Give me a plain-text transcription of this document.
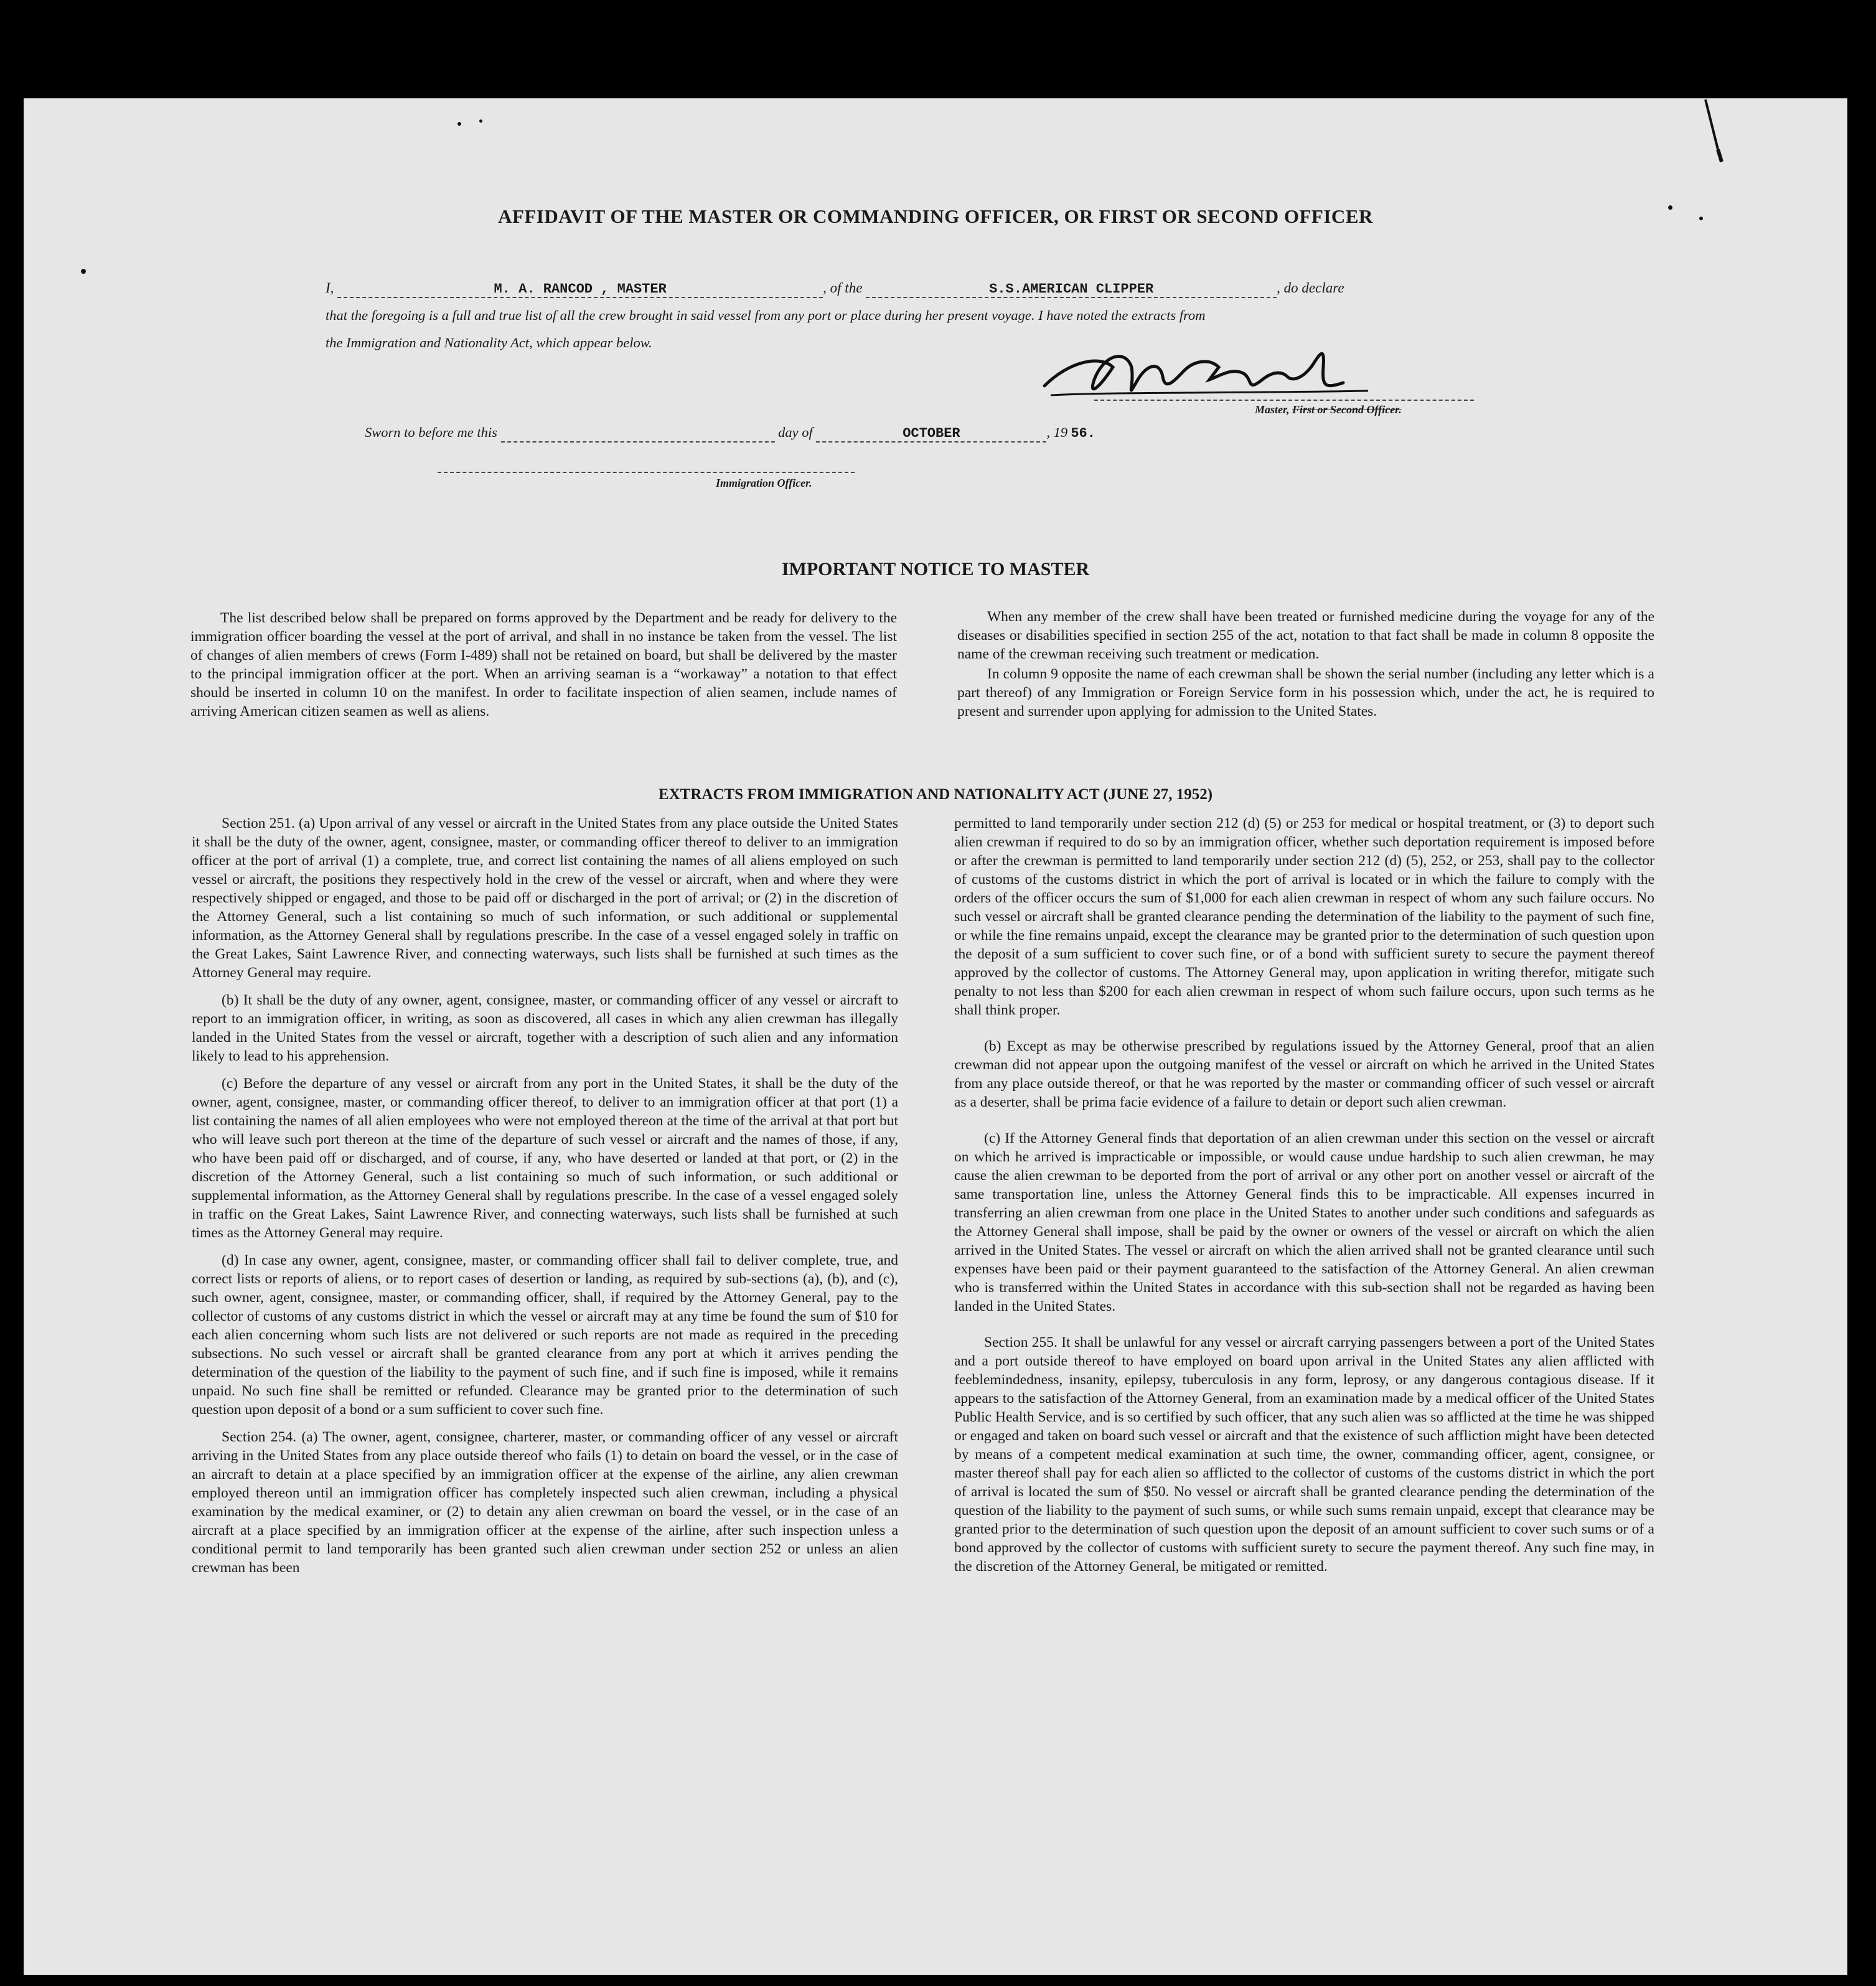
AFFIDAVIT OF THE MASTER OR COMMANDING OFFICER, OR FIRST OR SECOND OFFICER
I,	M. A. RANCOD , MASTER	, of the	S.S.AMERICAN CLIPPER	, do declare
that the foregoing is a full and true list of all the crew brought in said vessel from any port or place during her present voyage. I have noted the extracts from
the Immigration and Nationality Act, which appear below.
Master, First or Second Officer.
Sworn to before me this	day of	OCTOBER	, 19 56.
Immigration Officer.
IMPORTANT NOTICE TO MASTER

The list described below shall be prepared on forms approved by the Department and be ready for delivery to the immigration officer boarding the vessel at the port of arrival, and shall in no instance be taken from the vessel. The list of changes of alien members of crews (Form I-489) shall not be retained on board, but shall be delivered by the master to the principal immigration officer at the port. When an arriving seaman is a “workaway” a notation to that effect should be inserted in column 10 on the manifest. In order to facilitate inspection of alien seamen, include names of arriving American citizen seamen as well as aliens.

When any member of the crew shall have been treated or furnished medicine during the voyage for any of the diseases or disabilities specified in section 255 of the act, notation to that fact shall be made in column 8 opposite the name of the crewman receiving such treatment or medication.

In column 9 opposite the name of each crewman shall be shown the serial number (including any letter which is a part thereof) of any Immigration or Foreign Service form in his possession which, under the act, he is required to present and surrender upon applying for admission to the United States.

EXTRACTS FROM IMMIGRATION AND NATIONALITY ACT (JUNE 27, 1952)

Section 251. (a) Upon arrival of any vessel or aircraft in the United States from any place outside the United States it shall be the duty of the owner, agent, consignee, master, or commanding officer thereof to deliver to an immigration officer at the port of arrival (1) a complete, true, and correct list containing the names of all aliens employed on such vessel or aircraft, the positions they respectively hold in the crew of the vessel or aircraft, when and where they were respectively shipped or engaged, and those to be paid off or discharged in the port of arrival; or (2) in the discretion of the Attorney General, such a list containing so much of such information, or such additional or supplemental information, as the Attorney General shall by regulations prescribe. In the case of a vessel engaged solely in traffic on the Great Lakes, Saint Lawrence River, and connecting waterways, such lists shall be furnished at such times as the Attorney General may require.

(b) It shall be the duty of any owner, agent, consignee, master, or commanding officer of any vessel or aircraft to report to an immigration officer, in writing, as soon as discovered, all cases in which any alien crewman has illegally landed in the United States from the vessel or aircraft, together with a description of such alien and any information likely to lead to his apprehension.

(c) Before the departure of any vessel or aircraft from any port in the United States, it shall be the duty of the owner, agent, consignee, master, or commanding officer thereof, to deliver to an immigration officer at that port (1) a list containing the names of all alien employees who were not employed thereon at the time of the arrival at that port but who will leave such port thereon at the time of the departure of such vessel or aircraft and the names of those, if any, who have been paid off or discharged, and of course, if any, who have deserted or landed at that port, or (2) in the discretion of the Attorney General, such a list containing so much of such information, or such additional or supplemental information, as the Attorney General shall by regulations prescribe. In the case of a vessel engaged solely in traffic on the Great Lakes, Saint Lawrence River, and connecting waterways, such lists shall be furnished at such times as the Attorney General may require.

(d) In case any owner, agent, consignee, master, or commanding officer shall fail to deliver complete, true, and correct lists or reports of aliens, or to report cases of desertion or landing, as required by sub-sections (a), (b), and (c), such owner, agent, consignee, master, or commanding officer, shall, if required by the Attorney General, pay to the collector of customs of any customs district in which the vessel or aircraft may at any time be found the sum of $10 for each alien concerning whom such lists are not delivered or such reports are not made as required in the preceding subsections. No such vessel or aircraft shall be granted clearance from any port at which it arrives pending the determination of the question of the liability to the payment of such fine, and if such fine is imposed, while it remains unpaid. No such fine shall be remitted or refunded. Clearance may be granted prior to the determination of such question upon deposit of a bond or a sum sufficient to cover such fine.

Section 254. (a) The owner, agent, consignee, charterer, master, or commanding officer of any vessel or aircraft arriving in the United States from any place outside thereof who fails (1) to detain on board the vessel, or in the case of an aircraft to detain at a place specified by an immigration officer at the expense of the airline, any alien crewman employed thereon until an immigration officer has completely inspected such alien crewman, including a physical examination by the medical examiner, or (2) to detain any alien crewman on board the vessel, or in the case of an aircraft at a place specified by an immigration officer at the expense of the airline, after such inspection unless a conditional permit to land temporarily has been granted such alien crewman under section 252 or unless an alien crewman has been

permitted to land temporarily under section 212 (d) (5) or 253 for medical or hospital treatment, or (3) to deport such alien crewman if required to do so by an immigration officer, whether such deportation requirement is imposed before or after the crewman is permitted to land temporarily under section 212 (d) (5), 252, or 253, shall pay to the collector of customs of the customs district in which the port of arrival is located or in which the failure to comply with the orders of the officer occurs the sum of $1,000 for each alien crewman in respect of whom any such failure occurs. No such vessel or aircraft shall be granted clearance pending the determination of the liability to the payment of such fine, or while the fine remains unpaid, except the clearance may be granted prior to the determination of such question upon the deposit of a sum sufficient to cover such fine, or of a bond with sufficient surety to secure the payment thereof approved by the collector of customs. The Attorney General may, upon application in writing therefor, mitigate such penalty to not less than $200 for each alien crewman in respect of whom such failure occurs, upon such terms as he shall think proper.

(b) Except as may be otherwise prescribed by regulations issued by the Attorney General, proof that an alien crewman did not appear upon the outgoing manifest of the vessel or aircraft on which he arrived in the United States from any place outside thereof, or that he was reported by the master or commanding officer of such vessel or aircraft as a deserter, shall be prima facie evidence of a failure to detain or deport such alien crewman.

(c) If the Attorney General finds that deportation of an alien crewman under this section on the vessel or aircraft on which he arrived is impracticable or impossible, or would cause undue hardship to such alien crewman, he may cause the alien crewman to be deported from the port of arrival or any other port on another vessel or aircraft of the same transportation line, unless the Attorney General finds this to be impracticable. All expenses incurred in transferring an alien crewman from one place in the United States to another under such conditions and safeguards as the Attorney General shall impose, shall be paid by the owner or owners of the vessel or aircraft on which the alien arrived in the United States. The vessel or aircraft on which the alien arrived shall not be granted clearance until such expenses have been paid or their payment guaranteed to the satisfaction of the Attorney General. An alien crewman who is transferred within the United States in accordance with this sub-section shall not be regarded as having been landed in the United States.

Section 255. It shall be unlawful for any vessel or aircraft carrying passengers between a port of the United States and a port outside thereof to have employed on board upon arrival in the United States any alien afflicted with feeblemindedness, insanity, epilepsy, tuberculosis in any form, leprosy, or any dangerous contagious disease. If it appears to the satisfaction of the Attorney General, from an examination made by a medical officer of the United States Public Health Service, and is so certified by such officer, that any such alien was so afflicted at the time he was shipped or engaged and taken on board such vessel or aircraft and that the existence of such affliction might have been detected by means of a competent medical examination at such time, the owner, commanding officer, agent, consignee, or master thereof shall pay for each alien so afflicted to the collector of customs of the customs district in which the port of arrival is located the sum of $50. No vessel or aircraft shall be granted clearance pending the determination of the question of the liability to the payment of such sums, or while such sums remain unpaid, except that clearance may be granted prior to the determination of such question upon the deposit of an amount sufficient to cover such sums or of a bond approved by the collector of customs with sufficient surety to secure the payment thereof. Any such fine may, in the discretion of the Attorney General, be mitigated or remitted.
